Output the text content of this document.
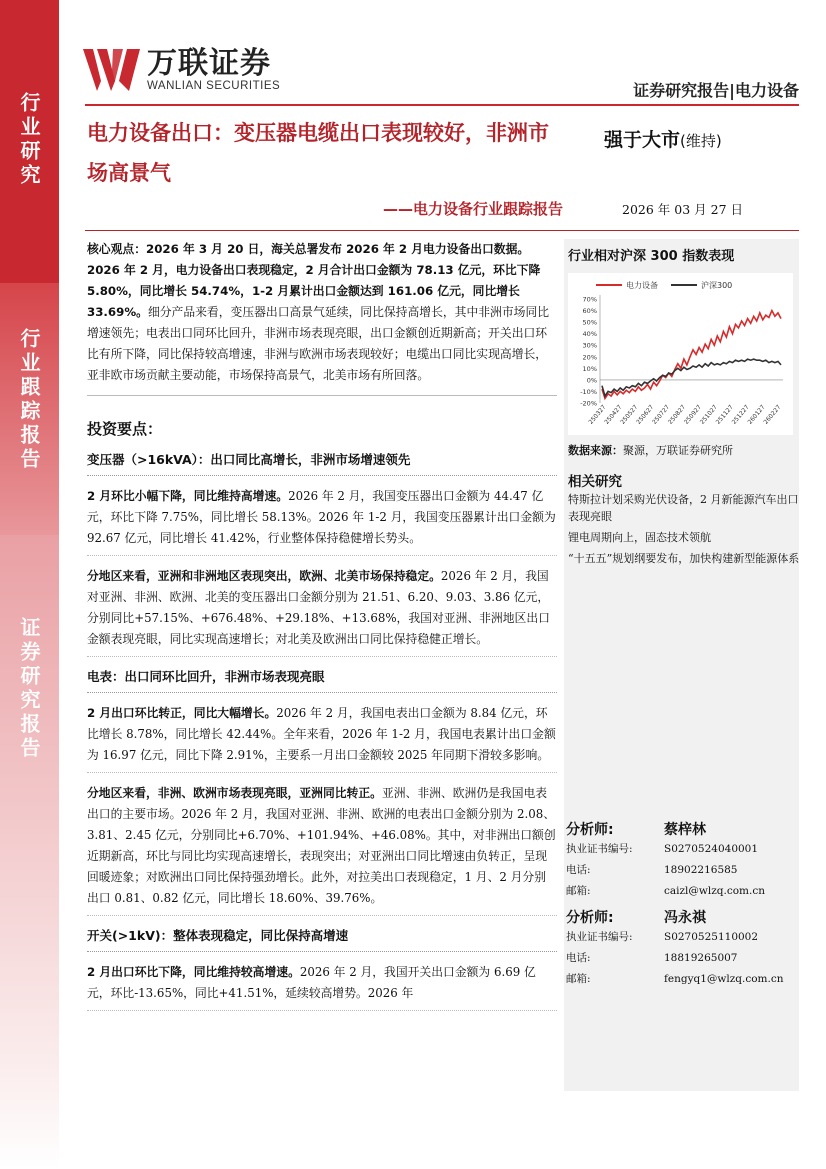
行业研究
行业跟踪报告
证券研究报告
万联证券
WANLIAN SECURITIES	证券研究报告|电力设备
电力设备出口：变压器电缆出口表现较好，非洲市场高景气
——电力设备行业跟踪报告
强于大市(维持)
2026 年 03 月 27 日

核心观点：2026 年 3 月 20 日，海关总署发布 2026 年 2 月电力设备出口数据。2026 年 2 月，电力设备出口表现稳定，2 月合计出口金额为 78.13 亿元，环比下降 5.80%，同比增长 54.74%，1-2 月累计出口金额达到 161.06 亿元，同比增长 33.69%。细分产品来看，变压器出口高景气延续，同比保持高增长，其中非洲市场同比增速领先；电表出口同环比回升，非洲市场表现亮眼，出口金额创近期新高；开关出口环比有所下降，同比保持较高增速，非洲与欧洲市场表现较好；电缆出口同比实现高增长，亚非欧市场贡献主要动能，市场保持高景气，北美市场有所回落。

投资要点：
变压器（>16kVA）：出口同比高增长，非洲市场增速领先

2 月环比小幅下降，同比维持高增速。2026 年 2 月，我国变压器出口金额为 44.47 亿元，环比下降 7.75%，同比增长 58.13%。2026 年 1-2 月，我国变压器累计出口金额为 92.67 亿元，同比增长 41.42%，行业整体保持稳健增长势头。

分地区来看，亚洲和非洲地区表现突出，欧洲、北美市场保持稳定。2026 年 2 月，我国对亚洲、非洲、欧洲、北美的变压器出口金额分别为 21.51、6.20、9.03、3.86 亿元，分别同比+57.15%、+676.48%、+29.18%、+13.68%，我国对亚洲、非洲地区出口金额表现亮眼，同比实现高速增长；对北美及欧洲出口同比保持稳健正增长。

电表：出口同环比回升，非洲市场表现亮眼

2 月出口环比转正，同比大幅增长。2026 年 2 月，我国电表出口金额为 8.84 亿元，环比增长 8.78%，同比增长 42.44%。全年来看，2026 年 1-2 月，我国电表累计出口金额为 16.97 亿元，同比下降 2.91%，主要系一月出口金额较 2025 年同期下滑较多影响。

分地区来看，非洲、欧洲市场表现亮眼，亚洲同比转正。亚洲、非洲、欧洲仍是我国电表出口的主要市场。2026 年 2 月，我国对亚洲、非洲、欧洲的电表出口金额分别为 2.08、3.81、2.45 亿元，分别同比+6.70%、+101.94%、+46.08%。其中，对非洲出口额创近期新高，环比与同比均实现高速增长，表现突出；对亚洲出口同比增速由负转正，呈现回暖迹象；对欧洲出口同比保持强劲增长。此外，对拉美出口表现稳定，1 月、2 月分别出口 0.81、0.82 亿元，同比增长 18.60%、39.76%。

开关(>1kV)：整体表现稳定，同比保持高增速

2 月出口环比下降，同比维持较高增速。2026 年 2 月，我国开关出口金额为 6.69 亿元，环比-13.65%，同比+41.51%，延续较高增势。2026 年

行业相对沪深 300 指数表现
电力设备	沪深300
70%
60%
50%
40%
30%
20%
10%
0%
-10%
-20%
250327
250427
250527
250627
250727
250827
250927
251027
251127
251227
260127
260227
数据来源：聚源，万联证券研究所
相关研究

特斯拉计划采购光伏设备，2 月新能源汽车出口表现亮眼

锂电周期向上，固态技术领航

“十五五”规划纲要发布，加快构建新型能源体系

分析师:	蔡梓林
执业证书编号:	S0270524040001
电话:	18902216585
邮箱:	caizl@wlzq.com.cn
分析师:	冯永祺
执业证书编号:	S0270525110002
电话:	18819265007
邮箱:	fengyq1@wlzq.com.cn
